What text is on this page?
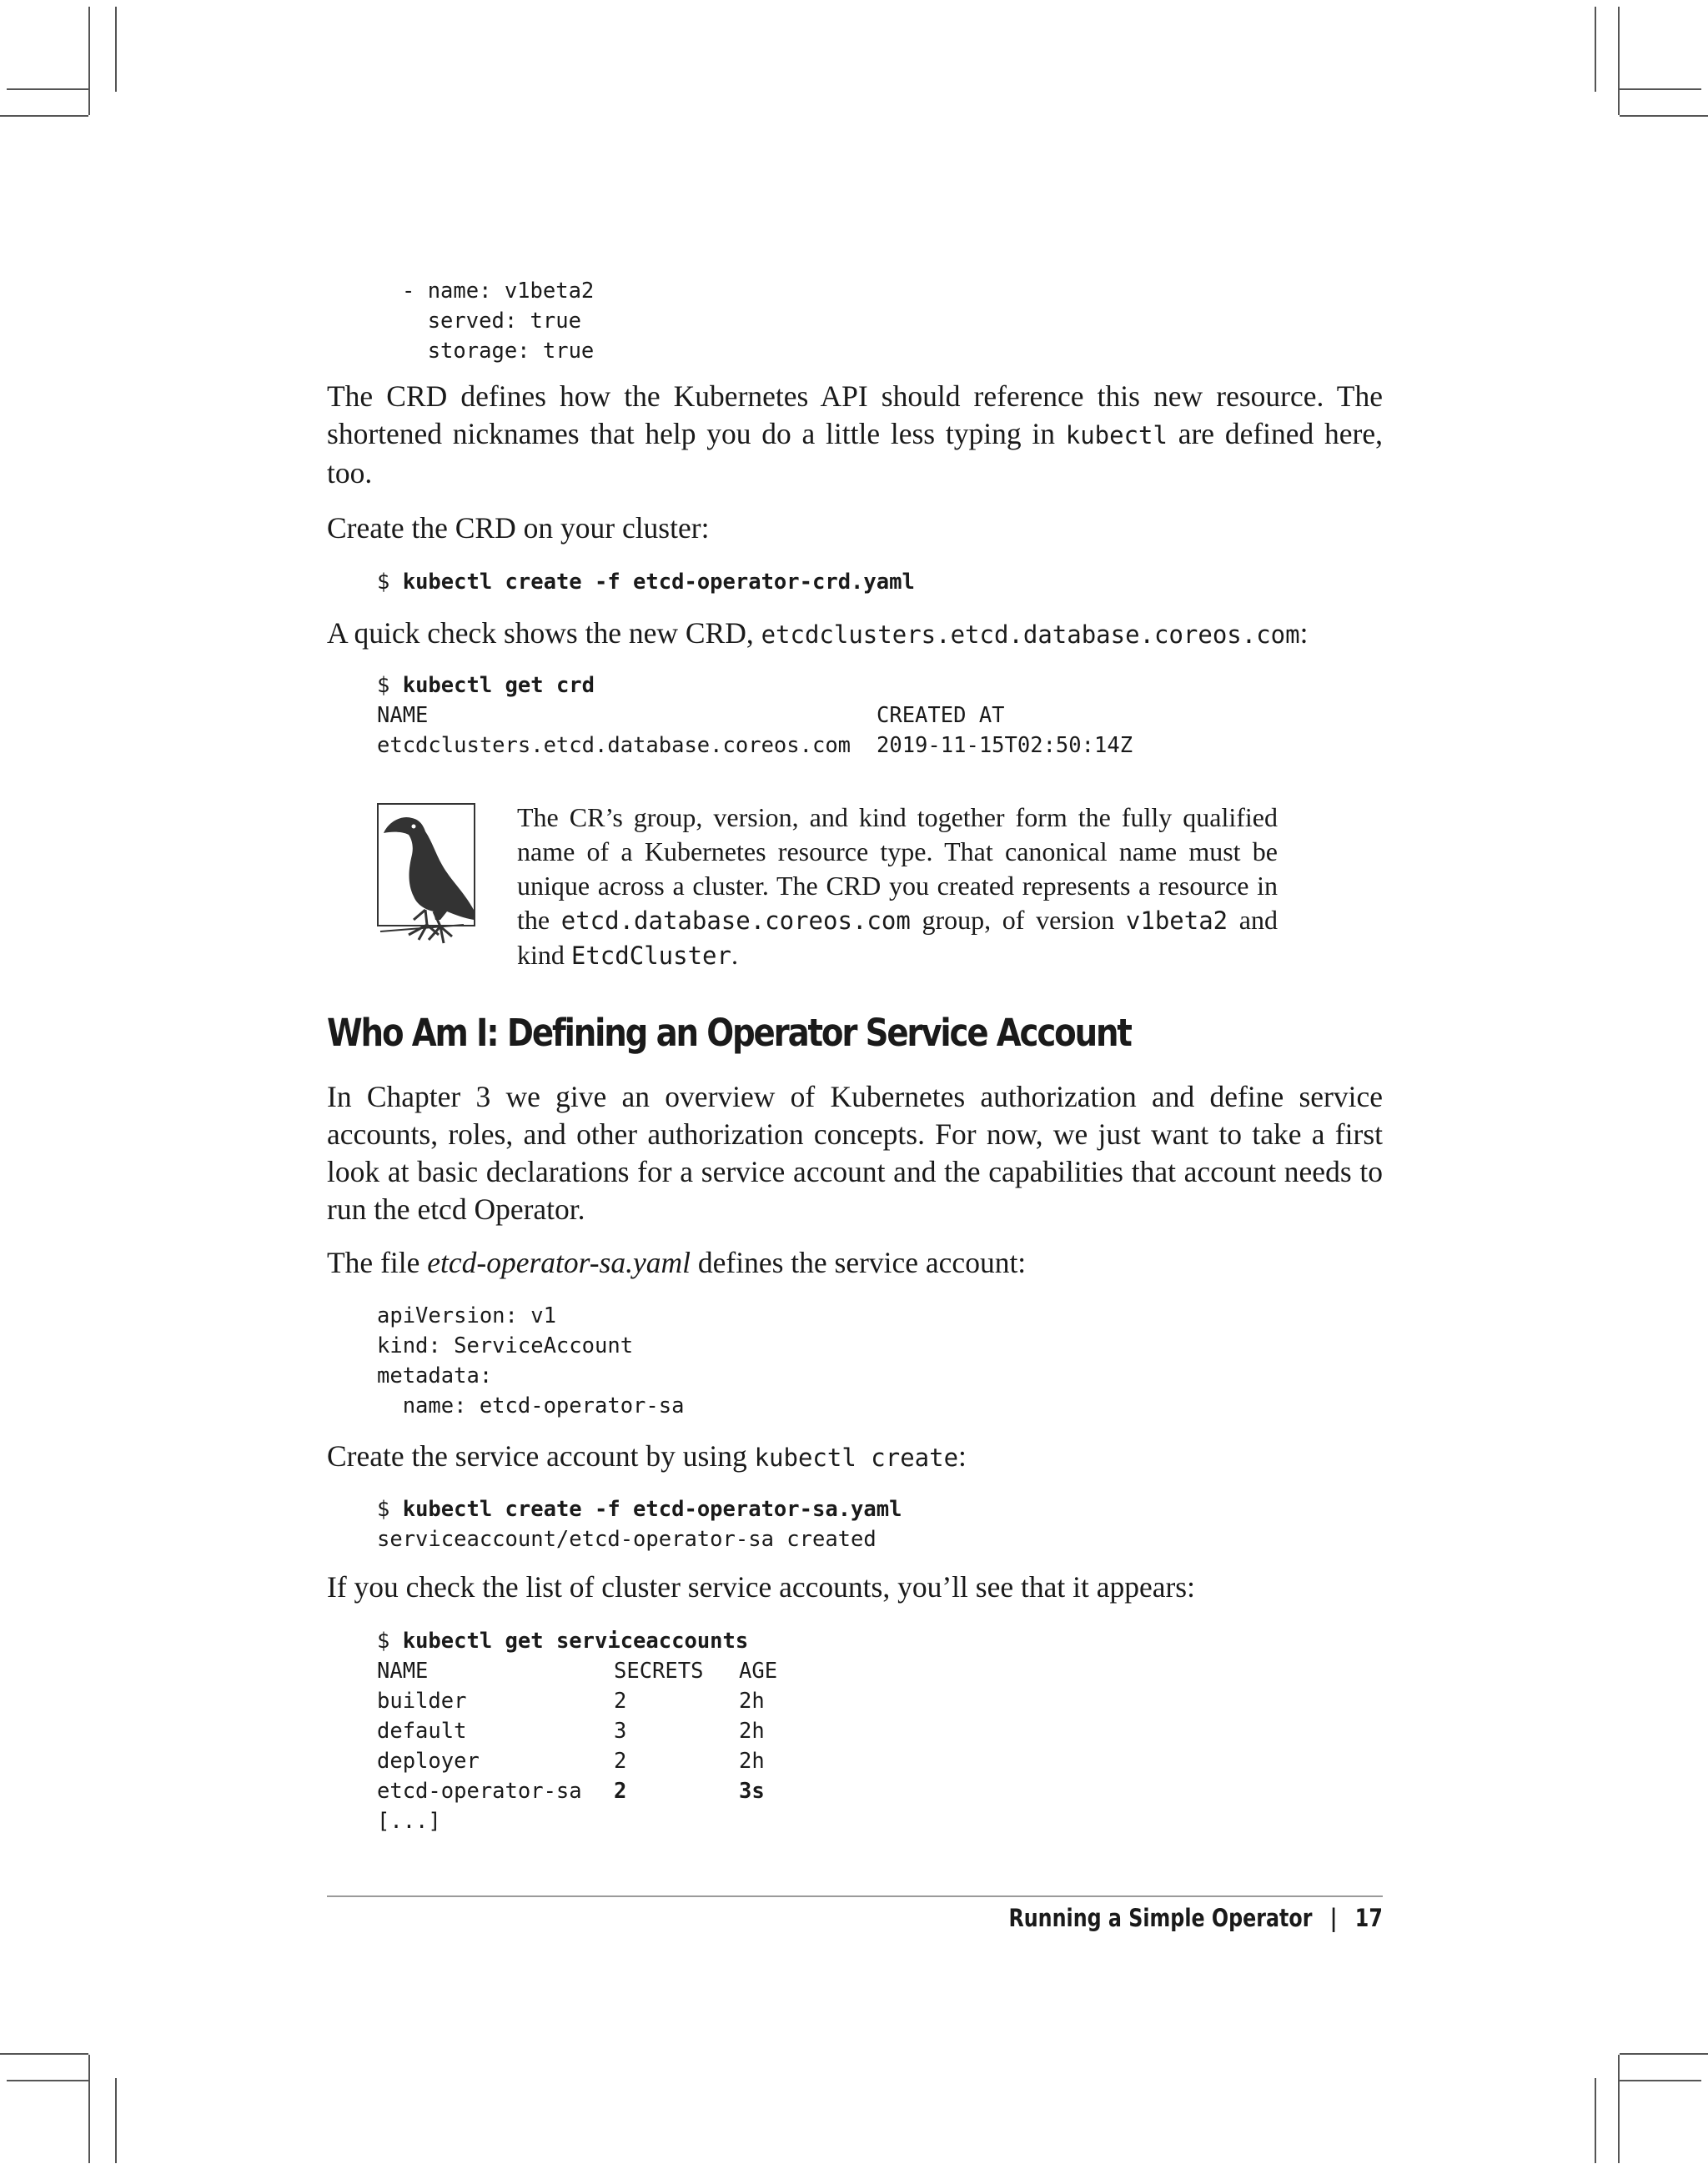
- name: v1beta2
served: true
storage: true

The CRD defines how the Kubernetes API should reference this new resource. The shortened nicknames that help you do a little less typing in kubectl are defined here, too.

Create the CRD on your cluster:

$ kubectl create -f etcd-operator-crd.yaml

A quick check shows the new CRD, etcdclusters.etcd.database.coreos.com:

$ kubectl get crd
NAME	CREATED AT
etcdclusters.etcd.database.coreos.com 2019-11-15T02:50:14Z

The CR’s group, version, and kind together form the fully qualified name of a Kubernetes resource type. That canonical name must be unique across a cluster. The CRD you created represents a resource in the etcd.database.coreos.com group, of version v1beta2 and kind EtcdCluster.

Who Am I: Defining an Operator Service Account

In Chapter 3 we give an overview of Kubernetes authorization and define service accounts, roles, and other authorization concepts. For now, we just want to take a first look at basic declarations for a service account and the capabilities that account needs to run the etcd Operator.

The file etcd-operator-sa.yaml defines the service account:

apiVersion: v1
kind: ServiceAccount
metadata:
name: etcd-operator-sa

Create the service account by using kubectl create:

$ kubectl create -f etcd-operator-sa.yaml
serviceaccount/etcd-operator-sa created

If you check the list of cluster service accounts, you’ll see that it appears:

$ kubectl get serviceaccounts
NAME	SECRETS AGE
builder	2	2h
default	3	2h
deployer	2	2h
etcd-operator-sa 2	3s
[...]
Running a Simple Operator | 17
